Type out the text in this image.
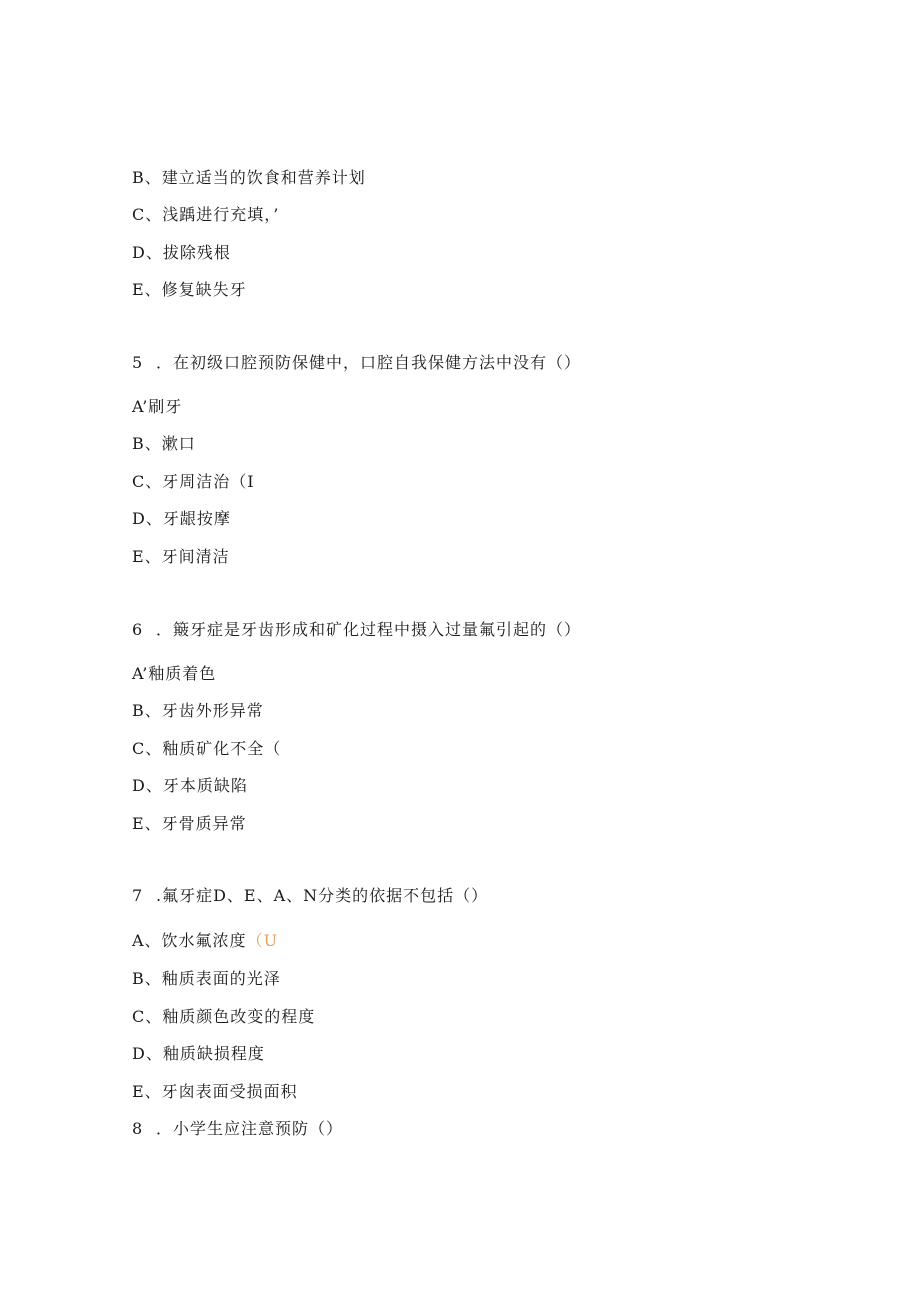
B、建立适当的饮食和营养计划
C、浅踽进行充填，’
D、拔除残根
E、修复缺失牙
5 ．在初级口腔预防保健中，口腔自我保健方法中没有（）
A’刷牙
B、漱口
C、牙周洁治（I
D、牙龈按摩
E、牙间清洁
6 ．簸牙症是牙齿形成和矿化过程中摄入过量氟引起的（）
A’釉质着色
B、牙齿外形异常
C、釉质矿化不全（
D、牙本质缺陷
E、牙骨质异常
7 .氟牙症D、E、A、N分类的依据不包括（）
A、饮水氟浓度（U
B、釉质表面的光泽
C、釉质颜色改变的程度
D、釉质缺损程度
E、牙囱表面受损面积
8 ．小学生应注意预防（）
